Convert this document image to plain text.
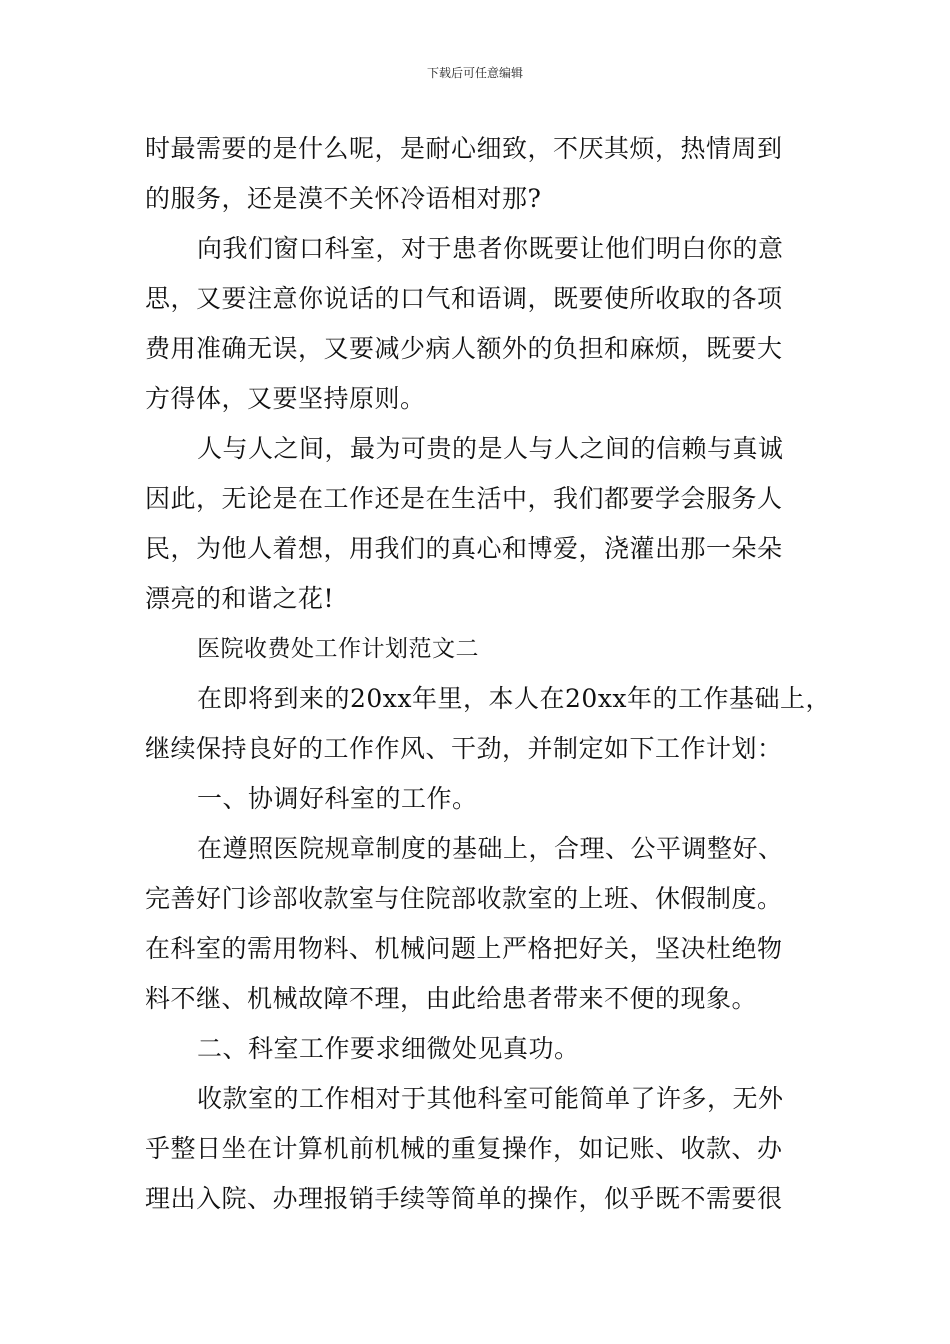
下载后可任意编辑
时最需要的是什么呢，是耐心细致，不厌其烦，热情周到
的服务，还是漠不关怀冷语相对那?
向我们窗口科室，对于患者你既要让他们明白你的意
思，又要注意你说话的口气和语调，既要使所收取的各项
费用准确无误，又要减少病人额外的负担和麻烦，既要大
方得体，又要坚持原则。
人与人之间，最为可贵的是人与人之间的信赖与真诚
因此，无论是在工作还是在生活中，我们都要学会服务人
民，为他人着想，用我们的真心和博爱，浇灌出那一朵朵
漂亮的和谐之花!
医院收费处工作计划范文二
在即将到来的20xx年里，本人在20xx年的工作基础上，
继续保持良好的工作作风、干劲，并制定如下工作计划：
一、协调好科室的工作。
在遵照医院规章制度的基础上，合理、公平调整好、
完善好门诊部收款室与住院部收款室的上班、休假制度。
在科室的需用物料、机械问题上严格把好关，坚决杜绝物
料不继、机械故障不理，由此给患者带来不便的现象。
二、科室工作要求细微处见真功。
收款室的工作相对于其他科室可能简单了许多，无外
乎整日坐在计算机前机械的重复操作，如记账、收款、办
理出入院、办理报销手续等简单的操作，似乎既不需要很
